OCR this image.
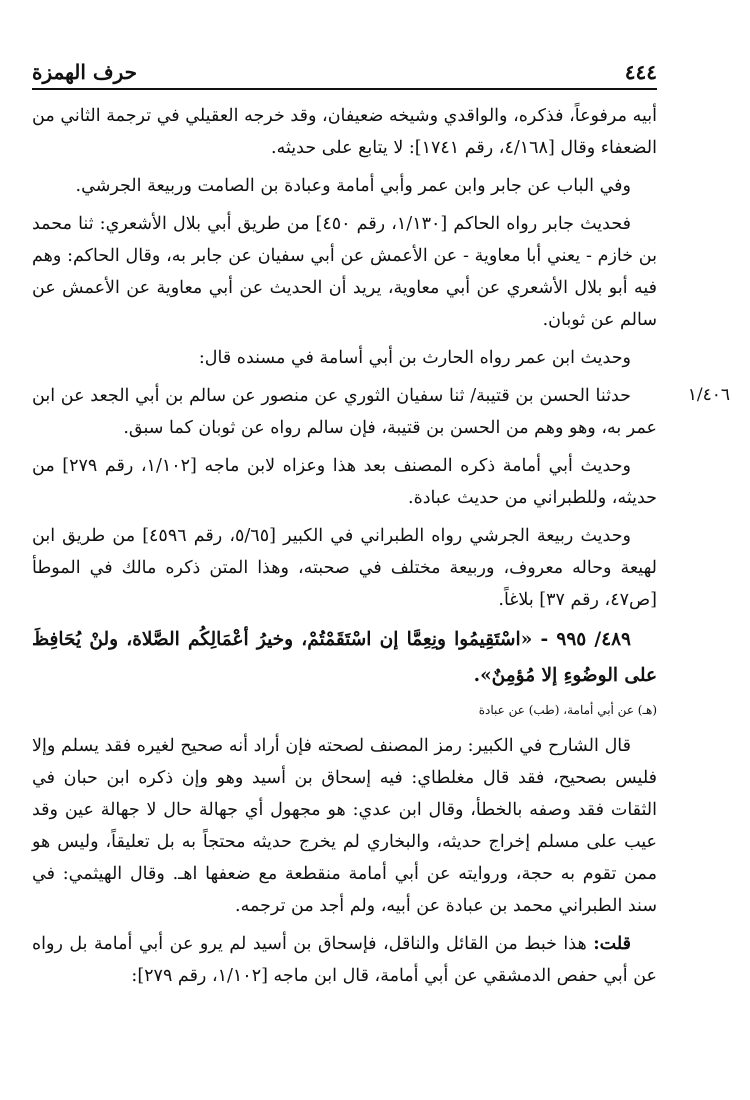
٤٤٤
حرف الهمزة
١/٤٠٦

أبيه مرفوعاً، فذكره، والواقدي وشيخه ضعيفان، وقد خرجه العقيلي في ترجمة الثاني من الضعفاء وقال [٤/١٦٨، رقم ١٧٤١]: لا يتابع على حديثه.

وفي الباب عن جابر وابن عمر وأبي أمامة وعبادة بن الصامت وربيعة الجرشي.

فحديث جابر رواه الحاكم [١/١٣٠، رقم ٤٥٠] من طريق أبي بلال الأشعري: ثنا محمد بن خازم - يعني أبا معاوية - عن الأعمش عن أبي سفيان عن جابر به، وقال الحاكم: وهم فيه أبو بلال الأشعري عن أبي معاوية، يريد أن الحديث عن أبي معاوية عن الأعمش عن سالم عن ثوبان.

وحديث ابن عمر رواه الحارث بن أبي أسامة في مسنده قال:

حدثنا الحسن بن قتيبة/ ثنا سفيان الثوري عن منصور عن سالم بن أبي الجعد عن ابن عمر به، وهو وهم من الحسن بن قتيبة، فإن سالم رواه عن ثوبان كما سبق.

وحديث أبي أمامة ذكره المصنف بعد هذا وعزاه لابن ماجه [١/١٠٢، رقم ٢٧٩] من حديثه، وللطبراني من حديث عبادة.

وحديث ربيعة الجرشي رواه الطبراني في الكبير [٥/٦٥، رقم ٤٥٩٦] من طريق ابن لهيعة وحاله معروف، وربيعة مختلف في صحبته، وهذا المتن ذكره مالك في الموطأ [ص٤٧، رقم ٣٧] بلاغاً.

٤٨٩/ ٩٩٥ - «اسْتَقِيمُوا ونِعِمَّا إن اسْتَقَمْتُمْ، وخيرُ أعْمَالِكُم الصَّلاة، ولنْ يُحَافِظَ على الوضُوءِ إلا مُؤمِنٌ».

(هـ) عن أبي أمامة، (طب) عن عبادة

قال الشارح في الكبير: رمز المصنف لصحته فإن أراد أنه صحيح لغيره فقد يسلم وإلا فليس بصحيح، فقد قال مغلطاي: فيه إسحاق بن أسيد وهو وإن ذكره ابن حبان في الثقات فقد وصفه بالخطأ، وقال ابن عدي: هو مجهول أي جهالة حال لا جهالة عين وقد عيب على مسلم إخراج حديثه، والبخاري لم يخرج حديثه محتجاً به بل تعليقاً، وليس هو ممن تقوم به حجة، وروايته عن أبي أمامة منقطعة مع ضعفها اهـ. وقال الهيثمي: في سند الطبراني محمد بن عبادة عن أبيه، ولم أجد من ترجمه.

قلت: هذا خبط من القائل والناقل، فإسحاق بن أسيد لم يرو عن أبي أمامة بل رواه عن أبي حفص الدمشقي عن أبي أمامة، قال ابن ماجه [١/١٠٢، رقم ٢٧٩]:
